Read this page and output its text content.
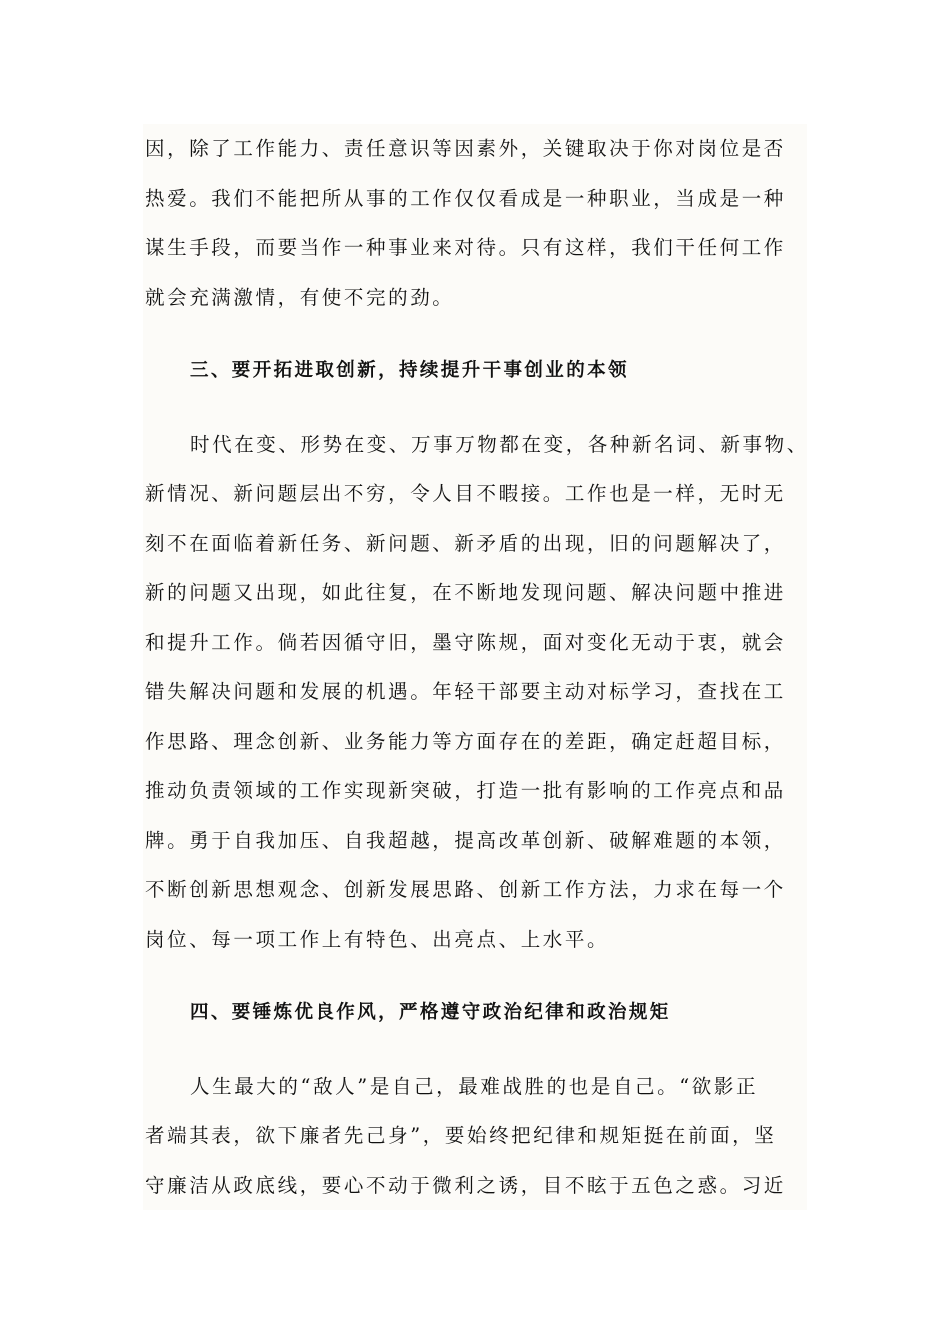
因，除了工作能力、责任意识等因素外，关键取决于你对岗位是否
热爱。我们不能把所从事的工作仅仅看成是一种职业，当成是一种
谋生手段，而要当作一种事业来对待。只有这样，我们干任何工作
就会充满激情，有使不完的劲。
三、要开拓进取创新，持续提升干事创业的本领
时代在变、形势在变、万事万物都在变，各种新名词、新事物、
新情况、新问题层出不穷，令人目不暇接。工作也是一样，无时无
刻不在面临着新任务、新问题、新矛盾的出现，旧的问题解决了，
新的问题又出现，如此往复，在不断地发现问题、解决问题中推进
和提升工作。倘若因循守旧，墨守陈规，面对变化无动于衷，就会
错失解决问题和发展的机遇。年轻干部要主动对标学习，查找在工
作思路、理念创新、业务能力等方面存在的差距，确定赶超目标，
推动负责领域的工作实现新突破，打造一批有影响的工作亮点和品
牌。勇于自我加压、自我超越，提高改革创新、破解难题的本领，
不断创新思想观念、创新发展思路、创新工作方法，力求在每一个
岗位、每一项工作上有特色、出亮点、上水平。
四、要锤炼优良作风，严格遵守政治纪律和政治规矩
人生最大的“敌人”是自己，最难战胜的也是自己。“欲影正
者端其表，欲下廉者先己身”，要始终把纪律和规矩挺在前面，坚
守廉洁从政底线，要心不动于微利之诱，目不眩于五色之惑。习近
